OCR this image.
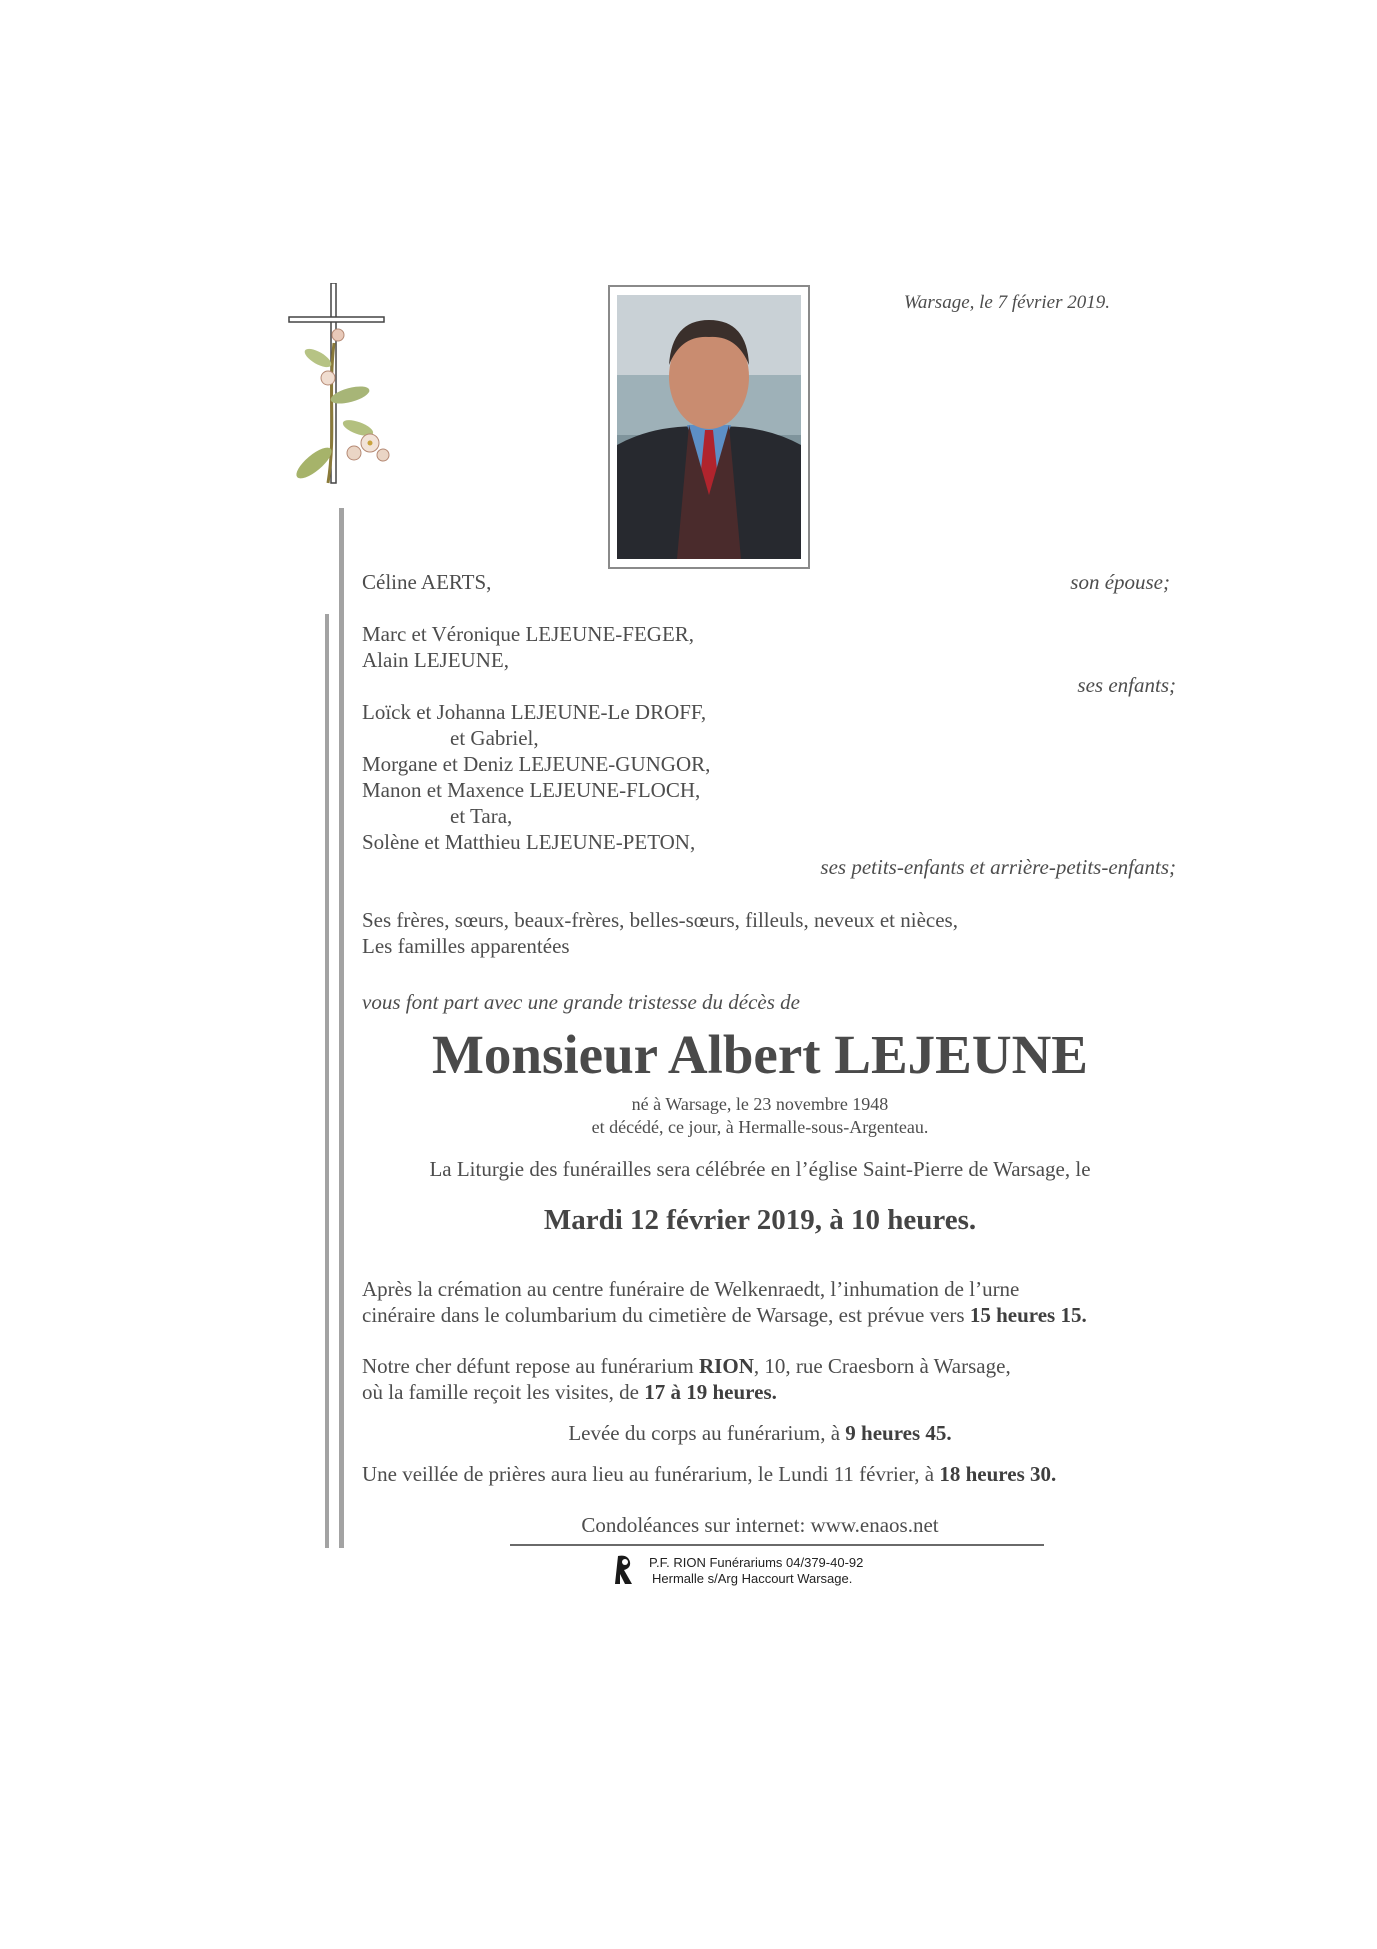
Warsage, le 7 février 2019.
Céline AERTS,	son épouse;
Marc et Véronique LEJEUNE-FEGER,
Alain LEJEUNE,
ses enfants;
Loïck et Johanna LEJEUNE-Le DROFF,
et Gabriel,
Morgane et Deniz LEJEUNE-GUNGOR,
Manon et Maxence LEJEUNE-FLOCH,
et Tara,
Solène et Matthieu LEJEUNE-PETON,
ses petits-enfants et arrière-petits-enfants;
Ses frères, sœurs, beaux-frères, belles-sœurs, filleuls, neveux et nièces,
Les familles apparentées
vous font part avec une grande tristesse du décès de
Monsieur Albert LEJEUNE
né à Warsage, le 23 novembre 1948
et décédé, ce jour, à Hermalle-sous-Argenteau.
La Liturgie des funérailles sera célébrée en l’église Saint-Pierre de Warsage, le
Mardi 12 février 2019, à 10 heures.
Après la crémation au centre funéraire de Welkenraedt, l’inhumation de l’urne
cinéraire dans le columbarium du cimetière de Warsage, est prévue vers 15 heures 15.
Notre cher défunt repose au funérarium RION, 10, rue Craesborn à Warsage,
où la famille reçoit les visites, de 17 à 19 heures.
Levée du corps au funérarium, à 9 heures 45.
Une veillée de prières aura lieu au funérarium, le Lundi 11 février, à 18 heures 30.
Condoléances sur internet: www.enaos.net
P.F. RION Funérariums 04/379-40-92
Hermalle s/Arg Haccourt Warsage.
